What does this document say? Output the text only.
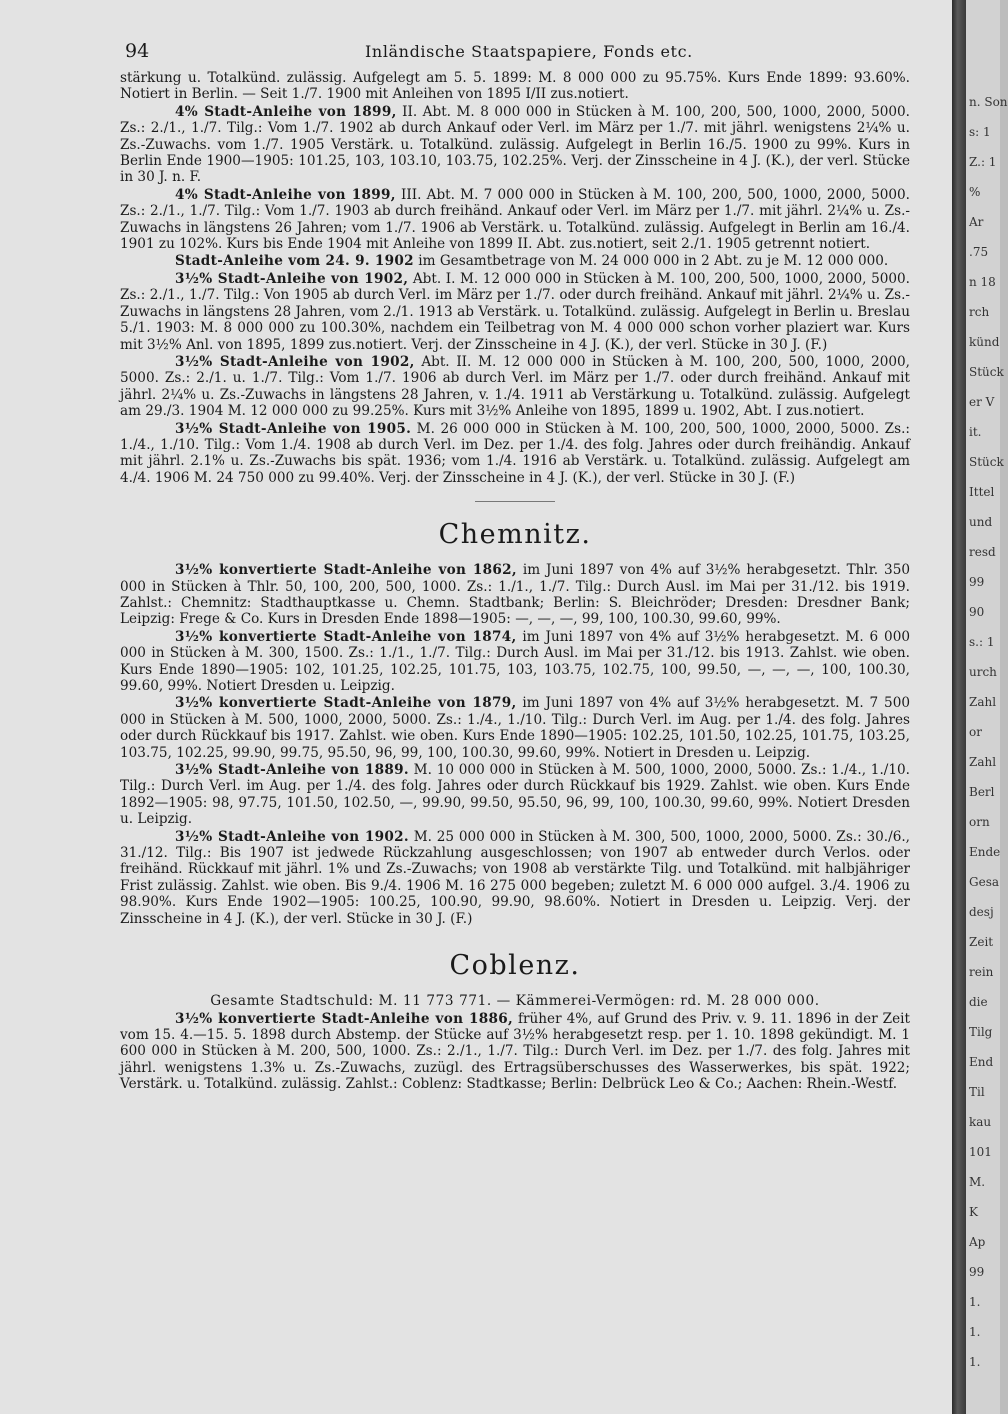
94	Inländische Staatspapiere, Fonds etc.

stärkung u. Totalkünd. zulässig. Aufgelegt am 5. 5. 1899: M. 8 000 000 zu 95.75%. Kurs Ende 1899: 93.60%. Notiert in Berlin. — Seit 1./7. 1900 mit Anleihen von 1895 I/II zus.notiert.

4% Stadt-Anleihe von 1899, II. Abt. M. 8 000 000 in Stücken à M. 100, 200, 500, 1000, 2000, 5000. Zs.: 2./1., 1./7. Tilg.: Vom 1./7. 1902 ab durch Ankauf oder Verl. im März per 1./7. mit jährl. wenigstens 2¼% u. Zs.-Zuwachs. vom 1./7. 1905 Verstärk. u. Totalkünd. zulässig. Aufgelegt in Berlin 16./5. 1900 zu 99%. Kurs in Berlin Ende 1900—1905: 101.25, 103, 103.10, 103.75, 102.25%. Verj. der Zinsscheine in 4 J. (K.), der verl. Stücke in 30 J. n. F.

4% Stadt-Anleihe von 1899, III. Abt. M. 7 000 000 in Stücken à M. 100, 200, 500, 1000, 2000, 5000. Zs.: 2./1., 1./7. Tilg.: Vom 1./7. 1903 ab durch freihänd. Ankauf oder Verl. im März per 1./7. mit jährl. 2¼% u. Zs.-Zuwachs in längstens 26 Jahren; vom 1./7. 1906 ab Verstärk. u. Totalkünd. zulässig. Aufgelegt in Berlin am 16./4. 1901 zu 102%. Kurs bis Ende 1904 mit Anleihe von 1899 II. Abt. zus.notiert, seit 2./1. 1905 getrennt notiert.

Stadt-Anleihe vom 24. 9. 1902 im Gesamtbetrage von M. 24 000 000 in 2 Abt. zu je M. 12 000 000.

3½% Stadt-Anleihe von 1902, Abt. I. M. 12 000 000 in Stücken à M. 100, 200, 500, 1000, 2000, 5000. Zs.: 2./1., 1./7. Tilg.: Von 1905 ab durch Verl. im März per 1./7. oder durch freihänd. Ankauf mit jährl. 2¼% u. Zs.-Zuwachs in längstens 28 Jahren, vom 2./1. 1913 ab Verstärk. u. Totalkünd. zulässig. Aufgelegt in Berlin u. Breslau 5./1. 1903: M. 8 000 000 zu 100.30%, nachdem ein Teilbetrag von M. 4 000 000 schon vorher plaziert war. Kurs mit 3½% Anl. von 1895, 1899 zus.notiert. Verj. der Zinsscheine in 4 J. (K.), der verl. Stücke in 30 J. (F.)

3½% Stadt-Anleihe von 1902, Abt. II. M. 12 000 000 in Stücken à M. 100, 200, 500, 1000, 2000, 5000. Zs.: 2./1. u. 1./7. Tilg.: Vom 1./7. 1906 ab durch Verl. im März per 1./7. oder durch freihänd. Ankauf mit jährl. 2¼% u. Zs.-Zuwachs in längstens 28 Jahren, v. 1./4. 1911 ab Verstärkung u. Totalkünd. zulässig. Aufgelegt am 29./3. 1904 M. 12 000 000 zu 99.25%. Kurs mit 3½% Anleihe von 1895, 1899 u. 1902, Abt. I zus.notiert.

3½% Stadt-Anleihe von 1905. M. 26 000 000 in Stücken à M. 100, 200, 500, 1000, 2000, 5000. Zs.: 1./4., 1./10. Tilg.: Vom 1./4. 1908 ab durch Verl. im Dez. per 1./4. des folg. Jahres oder durch freihändig. Ankauf mit jährl. 2.1% u. Zs.-Zuwachs bis spät. 1936; vom 1./4. 1916 ab Verstärk. u. Totalkünd. zulässig. Aufgelegt am 4./4. 1906 M. 24 750 000 zu 99.40%. Verj. der Zinsscheine in 4 J. (K.), der verl. Stücke in 30 J. (F.)

Chemnitz.

3½% konvertierte Stadt-Anleihe von 1862, im Juni 1897 von 4% auf 3½% herabgesetzt. Thlr. 350 000 in Stücken à Thlr. 50, 100, 200, 500, 1000. Zs.: 1./1., 1./7. Tilg.: Durch Ausl. im Mai per 31./12. bis 1919. Zahlst.: Chemnitz: Stadthauptkasse u. Chemn. Stadtbank; Berlin: S. Bleichröder; Dresden: Dresdner Bank; Leipzig: Frege & Co. Kurs in Dresden Ende 1898—1905: —, —, —, 99, 100, 100.30, 99.60, 99%.

3½% konvertierte Stadt-Anleihe von 1874, im Juni 1897 von 4% auf 3½% herabgesetzt. M. 6 000 000 in Stücken à M. 300, 1500. Zs.: 1./1., 1./7. Tilg.: Durch Ausl. im Mai per 31./12. bis 1913. Zahlst. wie oben. Kurs Ende 1890—1905: 102, 101.25, 102.25, 101.75, 103, 103.75, 102.75, 100, 99.50, —, —, —, 100, 100.30, 99.60, 99%. Notiert Dresden u. Leipzig.

3½% konvertierte Stadt-Anleihe von 1879, im Juni 1897 von 4% auf 3½% herabgesetzt. M. 7 500 000 in Stücken à M. 500, 1000, 2000, 5000. Zs.: 1./4., 1./10. Tilg.: Durch Verl. im Aug. per 1./4. des folg. Jahres oder durch Rückkauf bis 1917. Zahlst. wie oben. Kurs Ende 1890—1905: 102.25, 101.50, 102.25, 101.75, 103.25, 103.75, 102.25, 99.90, 99.75, 95.50, 96, 99, 100, 100.30, 99.60, 99%. Notiert in Dresden u. Leipzig.

3½% Stadt-Anleihe von 1889. M. 10 000 000 in Stücken à M. 500, 1000, 2000, 5000. Zs.: 1./4., 1./10. Tilg.: Durch Verl. im Aug. per 1./4. des folg. Jahres oder durch Rückkauf bis 1929. Zahlst. wie oben. Kurs Ende 1892—1905: 98, 97.75, 101.50, 102.50, —, 99.90, 99.50, 95.50, 96, 99, 100, 100.30, 99.60, 99%. Notiert Dresden u. Leipzig.

3½% Stadt-Anleihe von 1902. M. 25 000 000 in Stücken à M. 300, 500, 1000, 2000, 5000. Zs.: 30./6., 31./12. Tilg.: Bis 1907 ist jedwede Rückzahlung ausgeschlossen; von 1907 ab entweder durch Verlos. oder freihänd. Rückkauf mit jährl. 1% und Zs.-Zuwachs; von 1908 ab verstärkte Tilg. und Totalkünd. mit halbjähriger Frist zulässig. Zahlst. wie oben. Bis 9./4. 1906 M. 16 275 000 begeben; zuletzt M. 6 000 000 aufgel. 3./4. 1906 zu 98.90%. Kurs Ende 1902—1905: 100.25, 100.90, 99.90, 98.60%. Notiert in Dresden u. Leipzig. Verj. der Zinsscheine in 4 J. (K.), der verl. Stücke in 30 J. (F.)

Coblenz.

Gesamte Stadtschuld: M. 11 773 771. — Kämmerei-Vermögen: rd. M. 28 000 000.

3½% konvertierte Stadt-Anleihe von 1886, früher 4%, auf Grund des Priv. v. 9. 11. 1896 in der Zeit vom 15. 4.—15. 5. 1898 durch Abstemp. der Stücke auf 3½% herabgesetzt resp. per 1. 10. 1898 gekündigt. M. 1 600 000 in Stücken à M. 200, 500, 1000. Zs.: 2./1., 1./7. Tilg.: Durch Verl. im Dez. per 1./7. des folg. Jahres mit jährl. wenigstens 1.3% u. Zs.-Zuwachs, zuzügl. des Ertragsüberschusses des Wasserwerkes, bis spät. 1922; Verstärk. u. Totalkünd. zulässig. Zahlst.: Coblenz: Stadtkasse; Berlin: Delbrück Leo & Co.; Aachen: Rhein.-Westf.

n. Son
s: 1
Z.: 1
%
Ar
.75
n 18
rch
künd
Stück
er V
it.
Stück
Ittel
und
resd
99
90
s.: 1
urch
Zahl
or
Zahl
Berl
orn
Ende
Gesa
desj
Zeit
rein
die
Tilg
End
Til
kau
101
M.
K
Ap
99
1.
1.
1.
